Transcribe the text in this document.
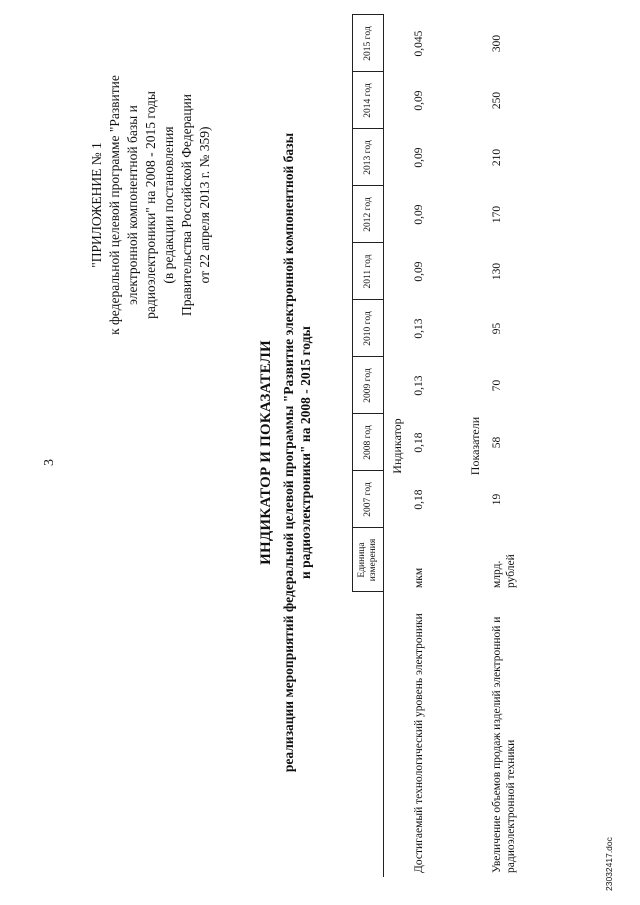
3
"ПРИЛОЖЕНИЕ № 1 к федеральной целевой программе "Развитие электронной компонентной базы и радиоэлектроники" на 2008 - 2015 годы (в редакции постановления Правительства Российской Федерации от 22 апреля 2013 г. № 359)
ИНДИКАТОР И ПОКАЗАТЕЛИ реализации мероприятий федеральной целевой программы "Развитие электронной компонентной базы и радиоэлектроники" на 2008 - 2015 годы
		Единица измерения	2007 год	2008 год	2009 год	2010 год	2011 год	2012 год	2013 год	2014 год	2015 год
Индикатор										
Достигаемый технологический уровень электроники	мкм	0,18	0,18	0,13	0,13	0,09	0,09	0,09	0,09	0,045
Показатели										
Увеличение объемов продаж изделий электронной и радиоэлектронной техники	млрд. рублей	19	58	70	95	130	170	210	250	300
23032417.doc
